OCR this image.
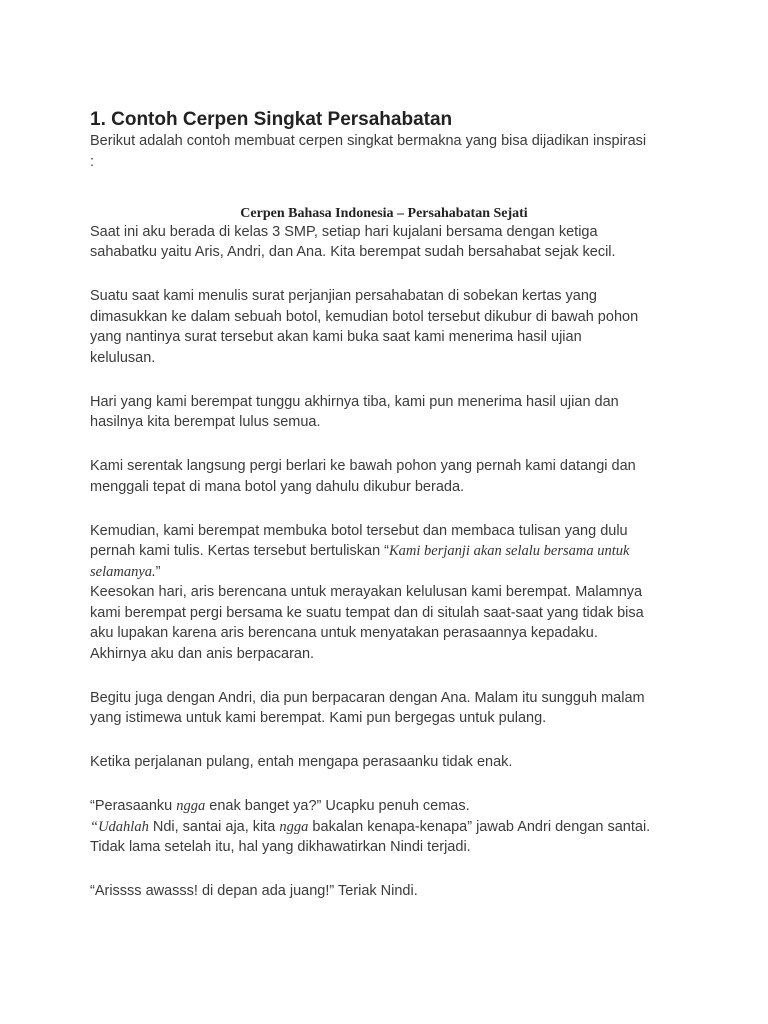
1. Contoh Cerpen Singkat Persahabatan
Berikut adalah contoh membuat cerpen singkat bermakna yang bisa dijadikan inspirasi
:
Cerpen Bahasa Indonesia – Persahabatan Sejati
Saat ini aku berada di kelas 3 SMP, setiap hari kujalani bersama dengan ketiga
sahabatku yaitu Aris, Andri, dan Ana. Kita berempat sudah bersahabat sejak kecil.
Suatu saat kami menulis surat perjanjian persahabatan di sobekan kertas yang
dimasukkan ke dalam sebuah botol, kemudian botol tersebut dikubur di bawah pohon
yang nantinya surat tersebut akan kami buka saat kami menerima hasil ujian
kelulusan.
Hari yang kami berempat tunggu akhirnya tiba, kami pun menerima hasil ujian dan
hasilnya kita berempat lulus semua.
Kami serentak langsung pergi berlari ke bawah pohon yang pernah kami datangi dan
menggali tepat di mana botol yang dahulu dikubur berada.
Kemudian, kami berempat membuka botol tersebut dan membaca tulisan yang dulu
pernah kami tulis. Kertas tersebut bertuliskan “Kami berjanji akan selalu bersama untuk
selamanya.”
Keesokan hari, aris berencana untuk merayakan kelulusan kami berempat. Malamnya
kami berempat pergi bersama ke suatu tempat dan di situlah saat-saat yang tidak bisa
aku lupakan karena aris berencana untuk menyatakan perasaannya kepadaku.
Akhirnya aku dan anis berpacaran.
Begitu juga dengan Andri, dia pun berpacaran dengan Ana. Malam itu sungguh malam
yang istimewa untuk kami berempat. Kami pun bergegas untuk pulang.
Ketika perjalanan pulang, entah mengapa perasaanku tidak enak.
“Perasaanku ngga enak banget ya?” Ucapku penuh cemas.
“Udahlah Ndi, santai aja, kita ngga bakalan kenapa-kenapa” jawab Andri dengan santai.
Tidak lama setelah itu, hal yang dikhawatirkan Nindi terjadi.
“Arissss awasss! di depan ada juang!” Teriak Nindi.
